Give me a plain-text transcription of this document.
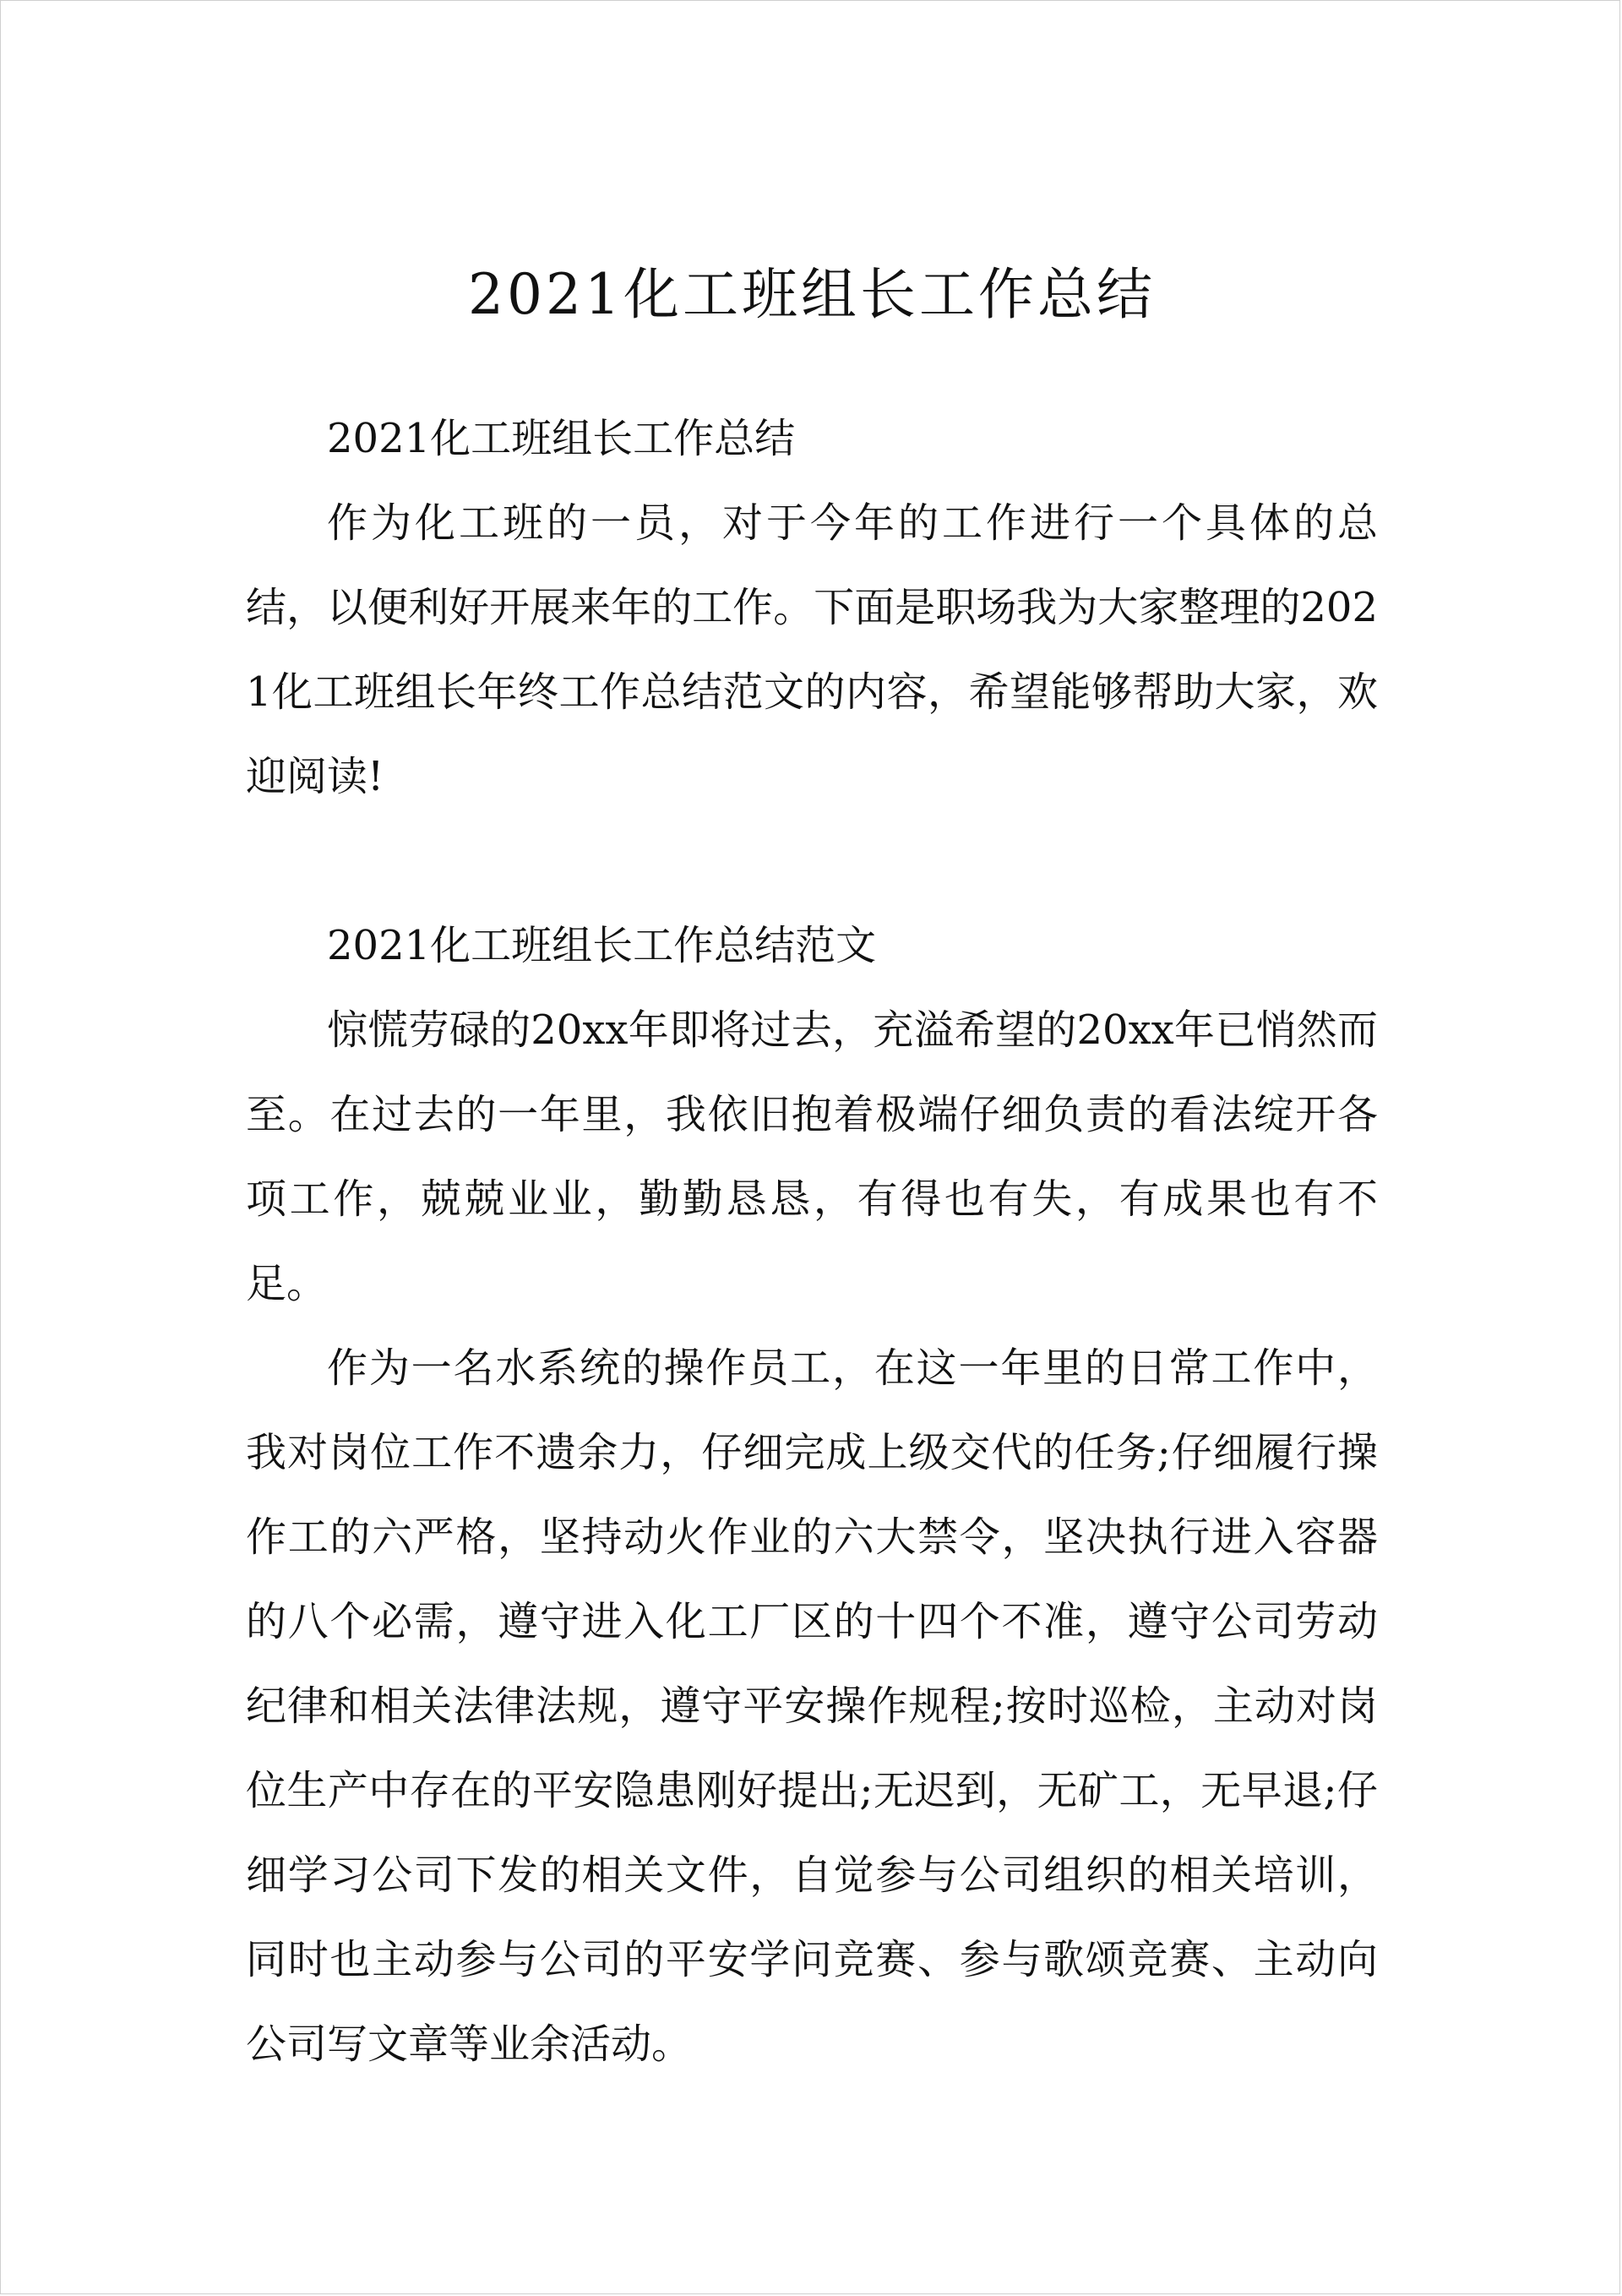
2021化工班组长工作总结

2021化工班组长工作总结

作为化工班的一员，对于今年的工作进行一个具体的总结，以便利好开展来年的工作。下面是职场我为大家整理的2021化工班组长年终工作总结范文的内容，希望能够帮助大家，欢迎阅读!

2021化工班组长工作总结范文

惊慌劳碌的20xx年即将过去，充溢希望的20xx年已悄然而至。在过去的一年里，我依旧抱着极端仔细负责的看法绽开各项工作，兢兢业业，勤勤恳恳，有得也有失，有成果也有不足。

作为一名水系统的操作员工，在这一年里的日常工作中，我对岗位工作不遗余力，仔细完成上级交代的任务;仔细履行操作工的六严格，坚持动火作业的六大禁令，坚决执行进入容器的八个必需，遵守进入化工厂区的十四个不准，遵守公司劳动纪律和相关法律法规，遵守平安操作规程;按时巡检，主动对岗位生产中存在的平安隐患刚好提出;无迟到，无矿工，无早退;仔细学习公司下发的相关文件，自觉参与公司组织的相关培训，同时也主动参与公司的平安学问竞赛、参与歌颂竞赛、主动向公司写文章等业余活动。
